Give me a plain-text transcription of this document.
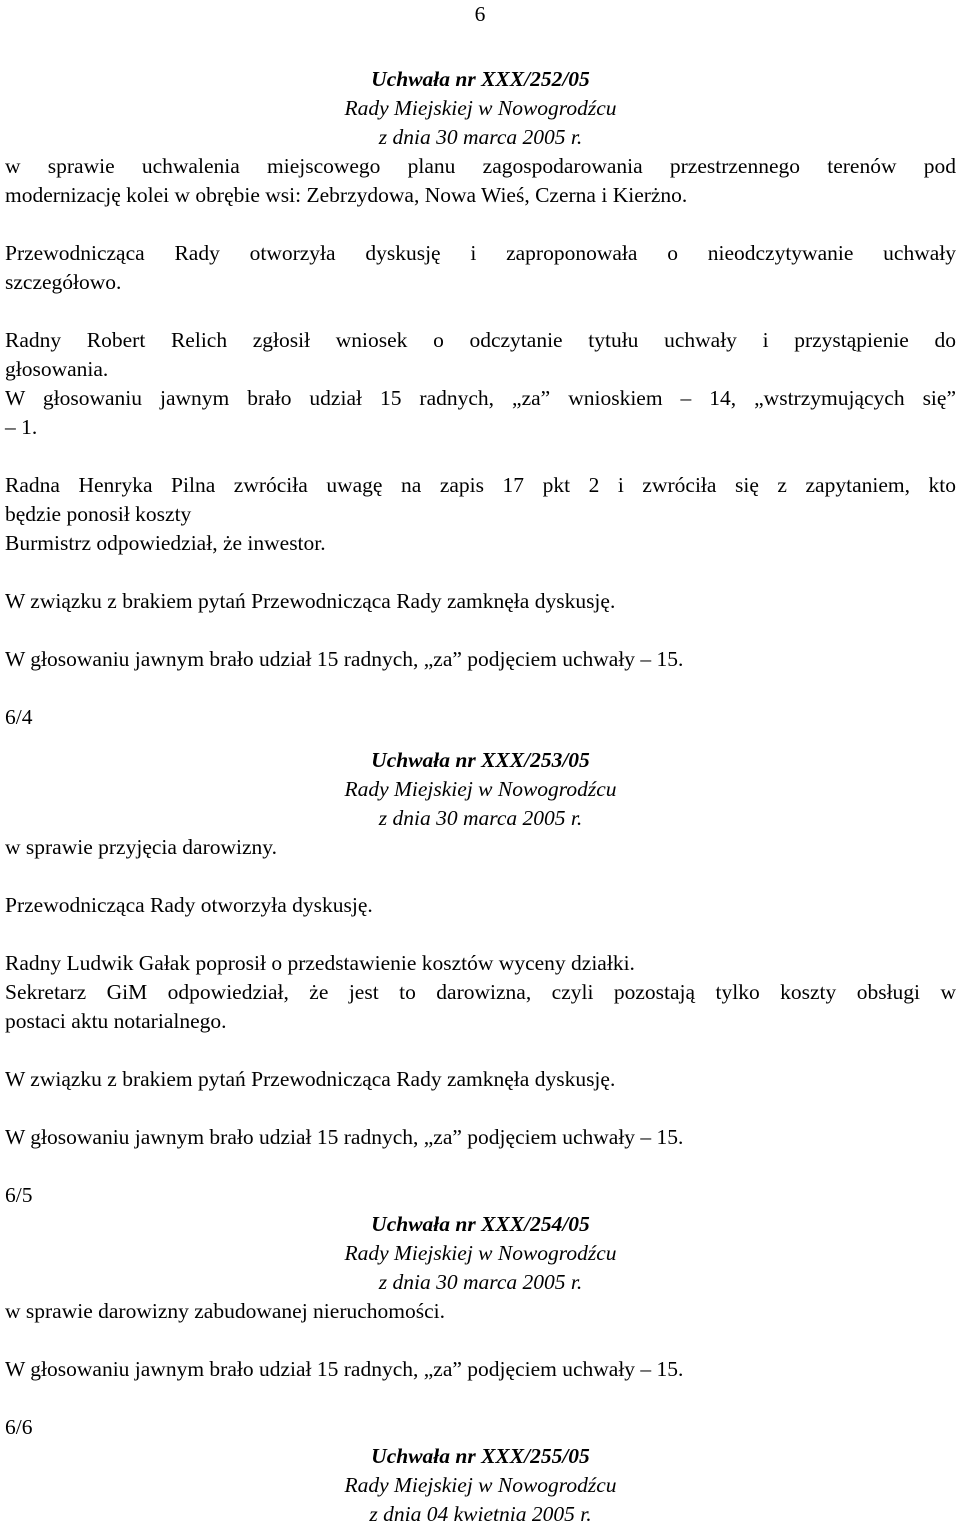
6
Uchwała nr XXX/252/05
Rady Miejskiej w Nowogrodźcu
z dnia 30 marca 2005 r.

w sprawie uchwalenia miejscowego planu zagospodarowania przestrzennego terenów pod

modernizację kolei w obrębie wsi: Zebrzydowa, Nowa Wieś, Czerna i Kierżno.

Przewodnicząca Rady otworzyła dyskusję i zaproponowała o nieodczytywanie uchwały

szczegółowo.

Radny Robert Relich zgłosił wniosek o odczytanie tytułu uchwały i przystąpienie do

głosowania.

W głosowaniu jawnym brało udział 15 radnych, „za” wnioskiem – 14, „wstrzymujących się”

– 1.

Radna Henryka Pilna zwróciła uwagę na zapis 17 pkt 2 i zwróciła się z zapytaniem, kto

będzie ponosił koszty

Burmistrz odpowiedział, że inwestor.

W związku z brakiem pytań Przewodnicząca Rady zamknęła dyskusję.

W głosowaniu jawnym brało udział 15 radnych, „za” podjęciem uchwały – 15.

6/4

Uchwała nr XXX/253/05
Rady Miejskiej w Nowogrodźcu
z dnia 30 marca 2005 r.

w sprawie przyjęcia darowizny.

Przewodnicząca Rady otworzyła dyskusję.

Radny Ludwik Gałak poprosił o przedstawienie kosztów wyceny działki.

Sekretarz GiM odpowiedział, że jest to darowizna, czyli pozostają tylko koszty obsługi w

postaci aktu notarialnego.

W związku z brakiem pytań Przewodnicząca Rady zamknęła dyskusję.

W głosowaniu jawnym brało udział 15 radnych, „za” podjęciem uchwały – 15.

6/5

Uchwała nr XXX/254/05
Rady Miejskiej w Nowogrodźcu
z dnia 30 marca 2005 r.

w sprawie darowizny zabudowanej nieruchomości.

W głosowaniu jawnym brało udział 15 radnych, „za” podjęciem uchwały – 15.

6/6

Uchwała nr XXX/255/05
Rady Miejskiej w Nowogrodźcu
z dnia 04 kwietnia 2005 r.
